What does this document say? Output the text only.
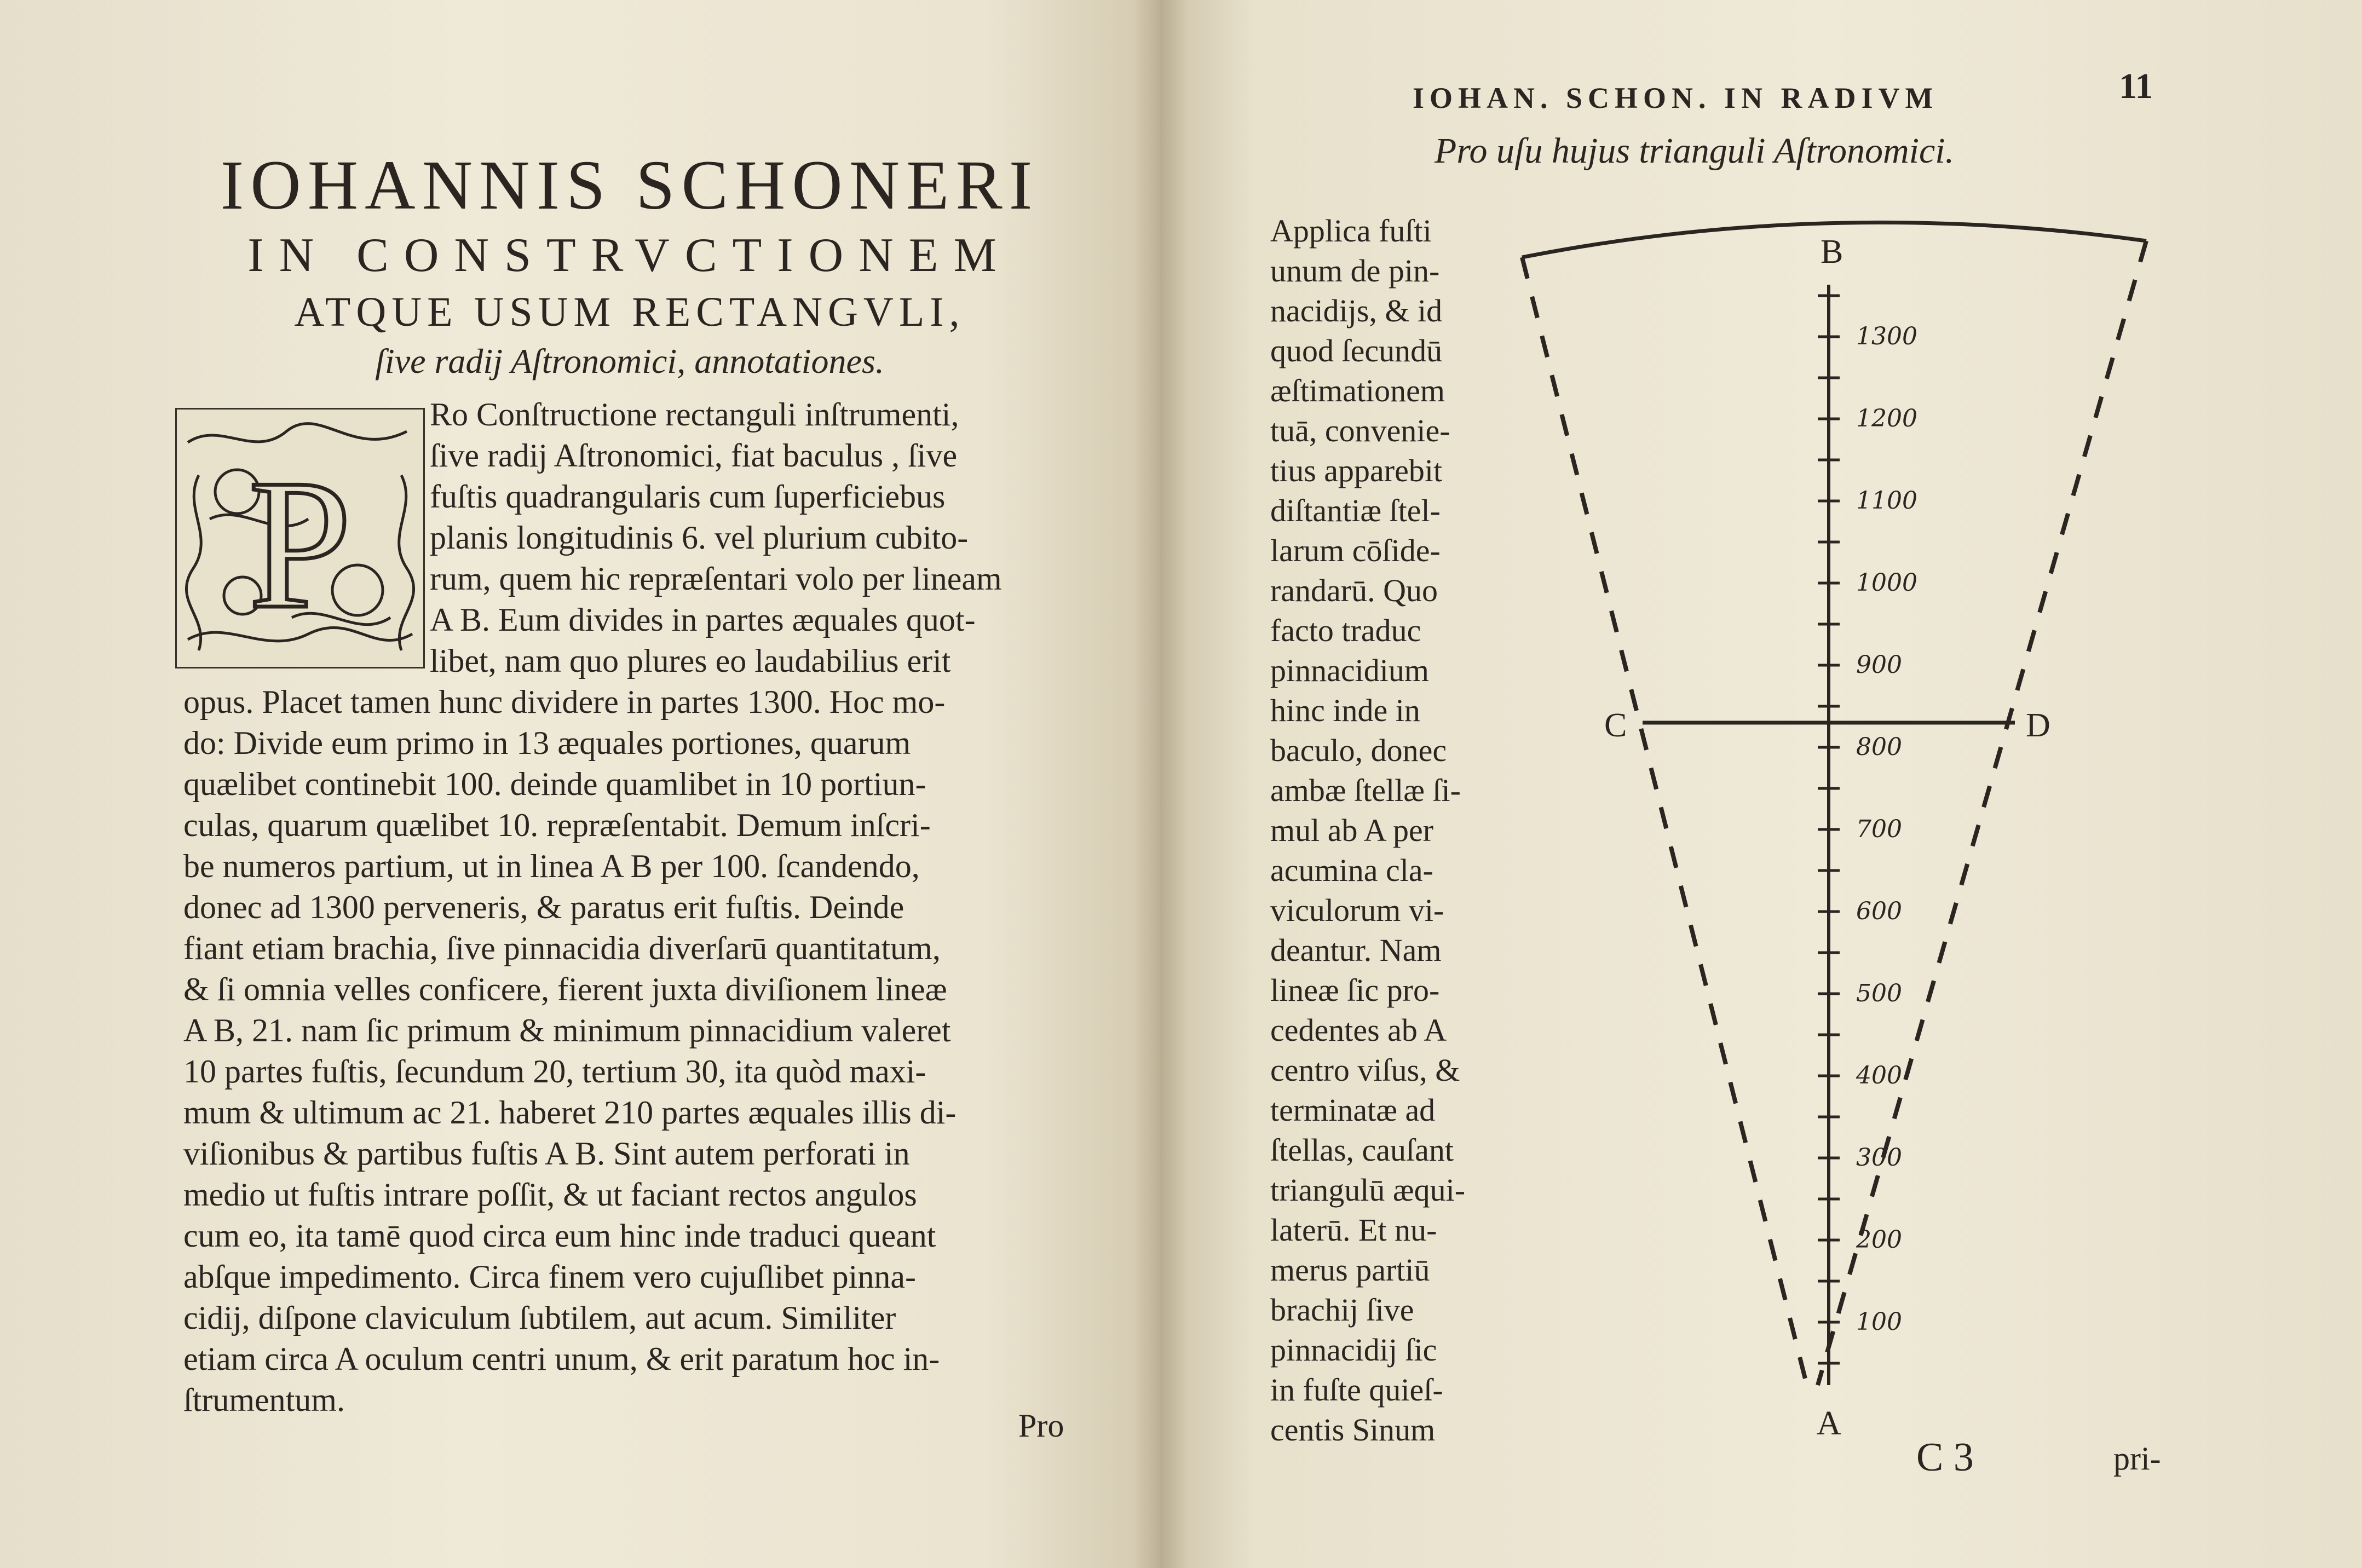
IOHANNIS SCHONERI
IN CONSTRVCTIONEM
ATQUE USUM RECTANGVLI,
ſive radij Aſtronomici, annotationes.
P
Ro Conſtructione rectanguli inſtrumenti,
ſive radij Aſtronomici, fiat baculus , ſive
fuſtis quadrangularis cum ſuperficiebus
planis longitudinis 6. vel plurium cubito-
rum, quem hic repræſentari volo per lineam
A B. Eum divides in partes æquales quot-
libet, nam quo plures eo laudabilius erit
opus. Placet tamen hunc dividere in partes 1300. Hoc mo-
do: Divide eum primo in 13 æquales portiones, quarum
quælibet continebit 100. deinde quamlibet in 10 portiun-
culas, quarum quælibet 10. repræſentabit. Demum inſcri-
be numeros partium, ut in linea A B per 100. ſcandendo,
donec ad 1300 perveneris, & paratus erit fuſtis. Deinde
fiant etiam brachia, ſive pinnacidia diverſarū quantitatum,
& ſi omnia velles conficere, fierent juxta diviſionem lineæ
A B, 21. nam ſic primum & minimum pinnacidium valeret
10 partes fuſtis, ſecundum 20, tertium 30, ita quòd maxi-
mum & ultimum ac 21. haberet 210 partes æquales illis di-
viſionibus & partibus fuſtis A B. Sint autem perforati in
medio ut fuſtis intrare poſſit, & ut faciant rectos angulos
cum eo, ita tamē quod circa eum hinc inde traduci queant
abſque impedimento. Circa finem vero cujuſlibet pinna-
cidij, diſpone claviculum ſubtilem, aut acum. Similiter
etiam circa A oculum centri unum, & erit paratum hoc in-
ſtrumentum.
Pro
IOHAN. SCHON. IN RADIVM	11
Pro uſu hujus trianguli Aſtronomici.
Applica fuſti
unum de pin-
nacidijs, & id
quod ſecundū
æſtimationem
tuā, convenie-
tius apparebit
diſtantiæ ſtel-
larum cōſide-
randarū. Quo
facto traduc
pinnacidium
hinc inde in
baculo, donec
ambæ ſtellæ ſi-
mul ab A per
acumina cla-
viculorum vi-
deantur. Nam
lineæ ſic pro-
cedentes ab A
centro viſus, &
terminatæ ad
ſtellas, cauſant
triangulū æqui-
laterū. Et nu-
merus partiū
brachij ſive
pinnacidij ſic
in fuſte quieſ-
centis Sinum
1300
1200
1100
1000
900
800
700
600
500
400
300
200
100
B
C	D
A
C 3	pri-
